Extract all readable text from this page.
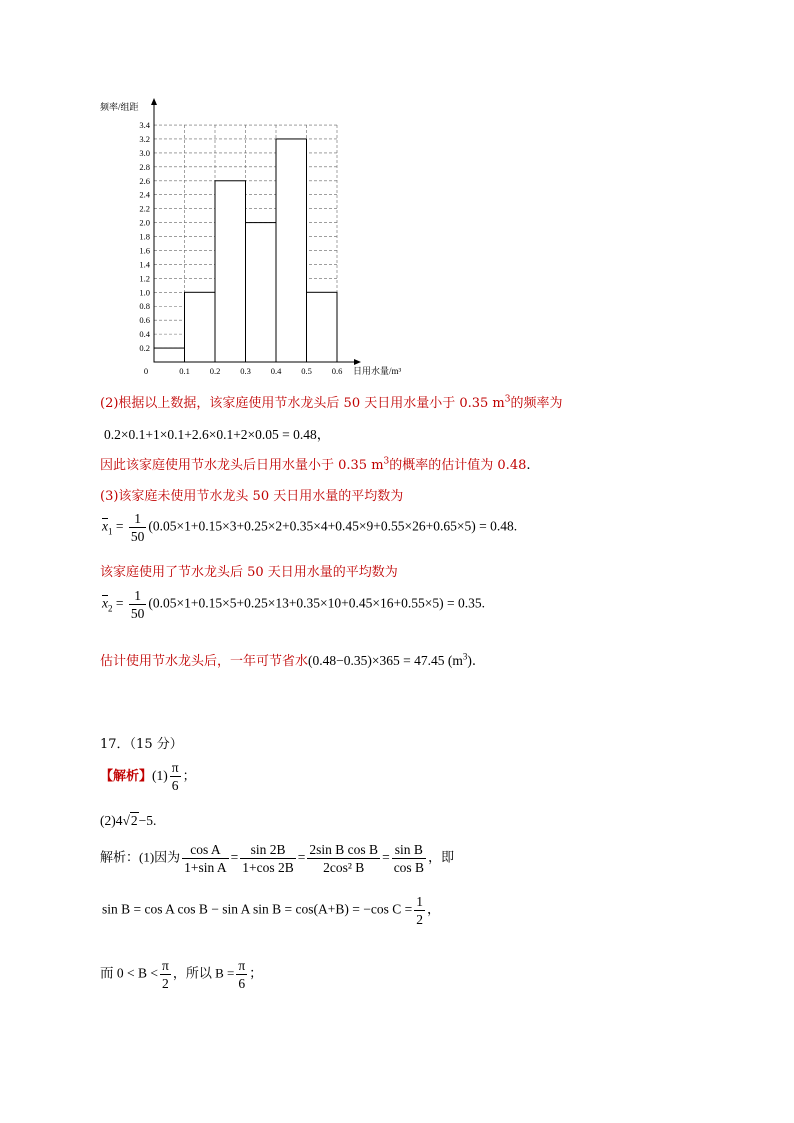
0.2
0.4
0.6
0.8
1.0
1.2
1.4
1.6
1.8
2.0
2.2
2.4
2.6
2.8
3.0
3.2
3.4
0	0.1 0.2 0.3 0.4 0.5 0.6
频率/组距
日用水量/m³
(2)根据以上数据，该家庭使用节水龙头后 50 天日用水量小于 0.35 $m^3$的频率为
0.2×0.1+1×0.1+2.6×0.1+2×0.05 = 0.48，
因此该家庭使用节水龙头后日用水量小于 0.35 $m^3$的概率的估计值为 0.48.
(3)该家庭未使用节水龙头 50 天日用水量的平均数为
$\overline{x}_1 = \frac{1}{50} (0.05\times 1+0.15\times 3+0.25\times 2+0.35\times 4+0.45\times 9+0.55\times 26+0.65\times 5) = 0.48$.
该家庭使用了节水龙头后 50 天日用水量的平均数为
$\overline{x}_2 = \frac{1}{50} (0.05\times 1+0.15\times 5+0.25\times 13+0.35\times 10+0.45\times 16+0.55\times 5) = 0.35$.
估计使用节水龙头后，一年可节省水(0.48−0.35)×365 = 47.45 $(m^3)$.
17．（15 分）
【解析】$(1) \frac{\pi}{6}$ ；
(2)4√2−5.
解析：(1)因为 $\frac{\text{cos A}}{\text{1+sin A}} = \frac{\sin 2B}{1+\cos 2B} = \frac{\text{2sin B cos B}}{\text{2cos² B}} = \frac{\text{sin B}}{\text{cos B}}$ ，即
sin B = cos A cos B − sin A sin B = cos(A+B) = −cos $C = \frac{1}{2}$ ，
而 $0 < B < \frac{\pi}{2}$ ，所以 $B = \frac{\pi}{6}$ ；
